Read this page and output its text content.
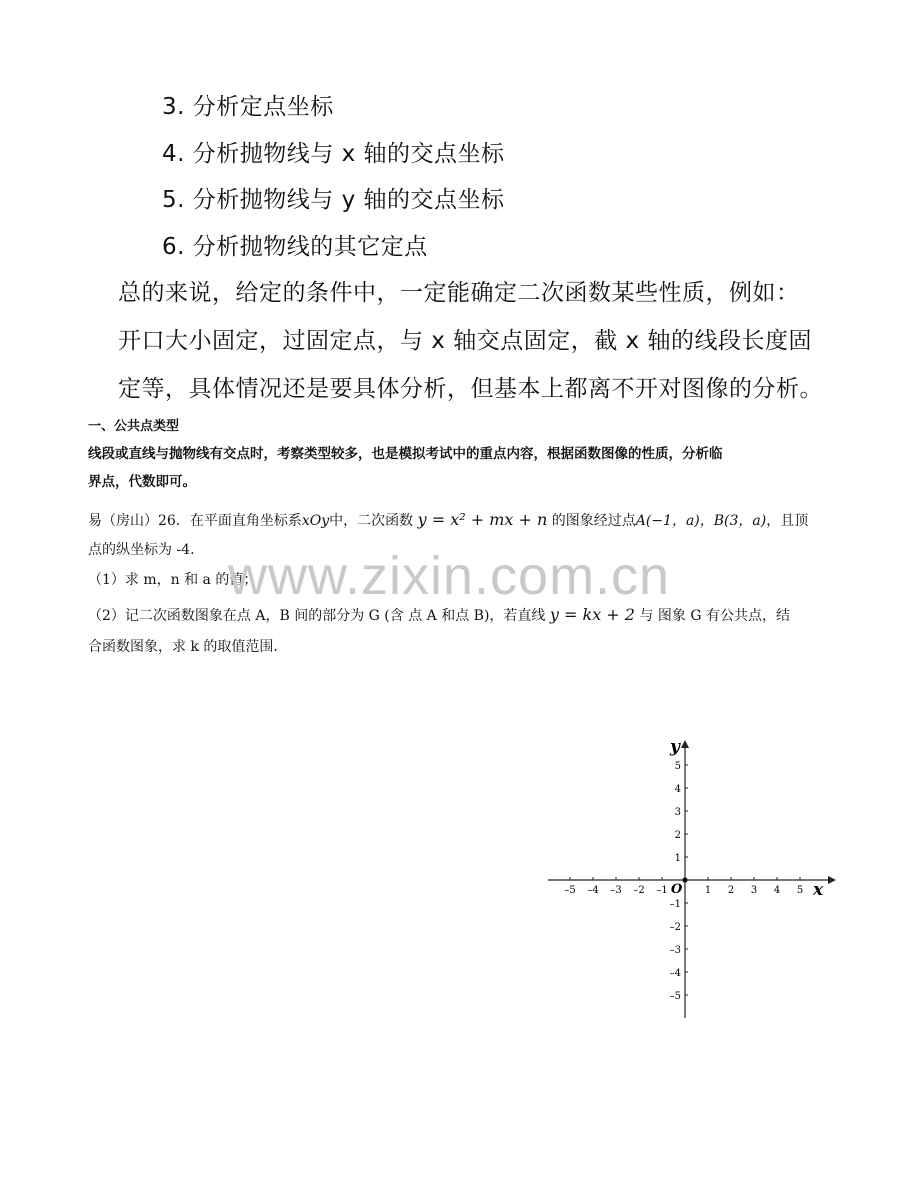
3. 分析定点坐标
4. 分析抛物线与 x 轴的交点坐标
5. 分析抛物线与 y 轴的交点坐标
6. 分析抛物线的其它定点
总的来说，给定的条件中，一定能确定二次函数某些性质，例如：
开口大小固定，过固定点，与 x 轴交点固定，截 x 轴的线段长度固
定等，具体情况还是要具体分析，但基本上都离不开对图像的分析。
一、公共点类型
线段或直线与抛物线有交点时，考察类型较多，也是模拟考试中的重点内容，根据函数图像的性质，分析临
界点，代数即可。
易（房山）26．在平面直角坐标系xOy中，二次函数 y = x² + mx + n 的图象经过点A(−1，a)，B(3，a)，且顶
点的纵坐标为 -4.
（1）求 m，n 和 a 的值；
（2）记二次函数图象在点 A，B 间的部分为 G (含 点 A 和点 B)，若直线 y = kx + 2 与 图象 G 有公共点，结
合函数图象，求 k 的取值范围.
www.zixin.com.cn
–5 –4 –3 –2 –1	1 2 3 4 5
5
4
3
2
1
–1
–2
–3
–4
–5
x
y
O
